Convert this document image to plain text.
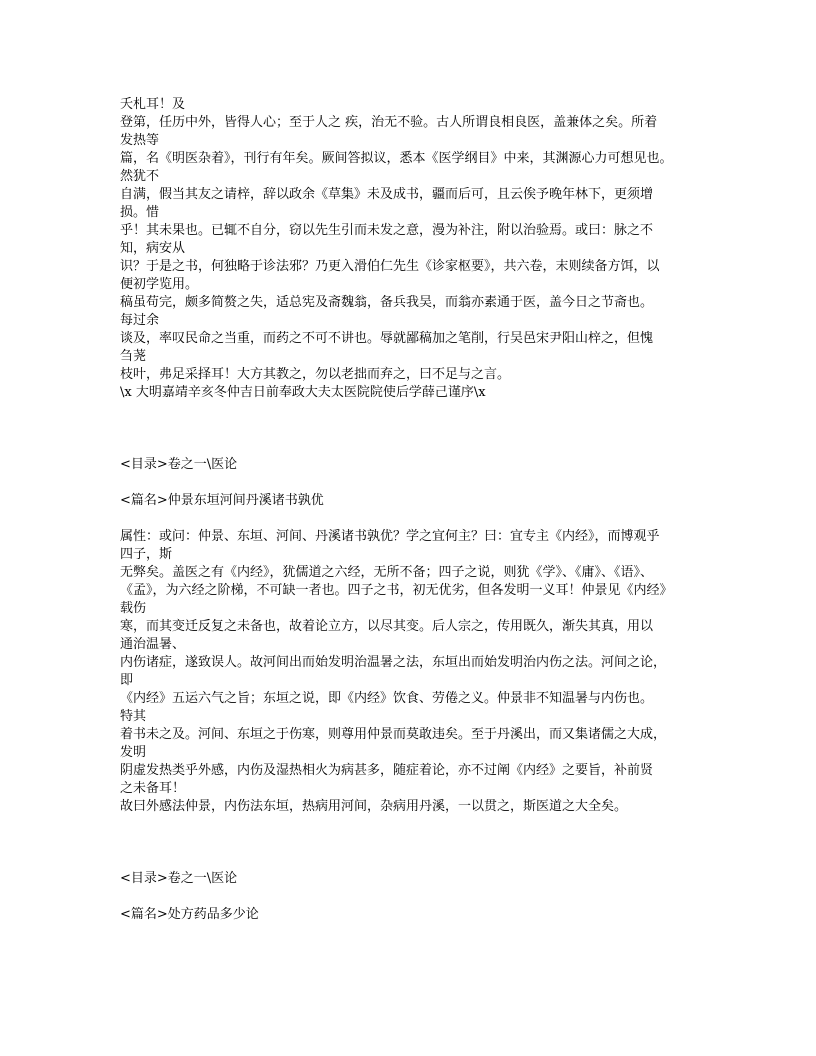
夭札耳！及
登第，任历中外，皆得人心；至于人之 疾，治无不验。古人所谓良相良医，盖兼体之矣。所着
发热等
篇，名《明医杂着》，刊行有年矣。厥间答拟议，悉本《医学纲目》中来，其渊源心力可想见也。
然犹不
自满，假当其友之请梓，辞以政余《草集》未及成书，疆而后可，且云俟予晚年林下，更须增
损。惜
乎！其未果也。已辄不自分，窃以先生引而未发之意，漫为补注，附以治验焉。或曰：脉之不
知，病安从
识？于是之书，何独略于诊法邪？乃更入滑伯仁先生《诊家枢要》，共六卷，末则续备方饵，以
便初学览用。
稿虽苟完，颇多简赘之失，适总宪及斋魏翁，备兵我吴，而翁亦素通于医，盖今日之节斋也。
每过余
谈及，率叹民命之当重，而药之不可不讲也。辱就鄙稿加之笔削，行吴邑宋尹阳山梓之，但愧
刍荛
枝叶，弗足采择耳！大方其教之，勿以老拙而弃之，曰不足与之言。
\x 大明嘉靖辛亥冬仲吉日前奉政大夫太医院院使后学薛己谨序\x
<目录>卷之一\医论
<篇名>仲景东垣河间丹溪诸书孰优
属性：或问：仲景、东垣、河间、丹溪诸书孰优？学之宜何主？曰：宜专主《内经》，而博观乎
四子，斯
无弊矣。盖医之有《内经》，犹儒道之六经，无所不备；四子之说，则犹《学》、《庸》、《语》、
《孟》，为六经之阶梯，不可缺一者也。四子之书，初无优劣，但各发明一义耳！仲景见《内经》
载伤
寒，而其变迁反复之未备也，故着论立方，以尽其变。后人宗之，传用既久，渐失其真，用以
通治温暑、
内伤诸症，遂致误人。故河间出而始发明治温暑之法，东垣出而始发明治内伤之法。河间之论，
即
《内经》五运六气之旨；东垣之说，即《内经》饮食、劳倦之义。仲景非不知温暑与内伤也。
特其
着书未之及。河间、东垣之于伤寒，则尊用仲景而莫敢违矣。至于丹溪出，而又集诸儒之大成，
发明
阴虚发热类乎外感，内伤及湿热相火为病甚多，随症着论，亦不过阐《内经》之要旨，补前贤
之未备耳！
故曰外感法仲景，内伤法东垣，热病用河间，杂病用丹溪，一以贯之，斯医道之大全矣。
<目录>卷之一\医论
<篇名>处方药品多少论
